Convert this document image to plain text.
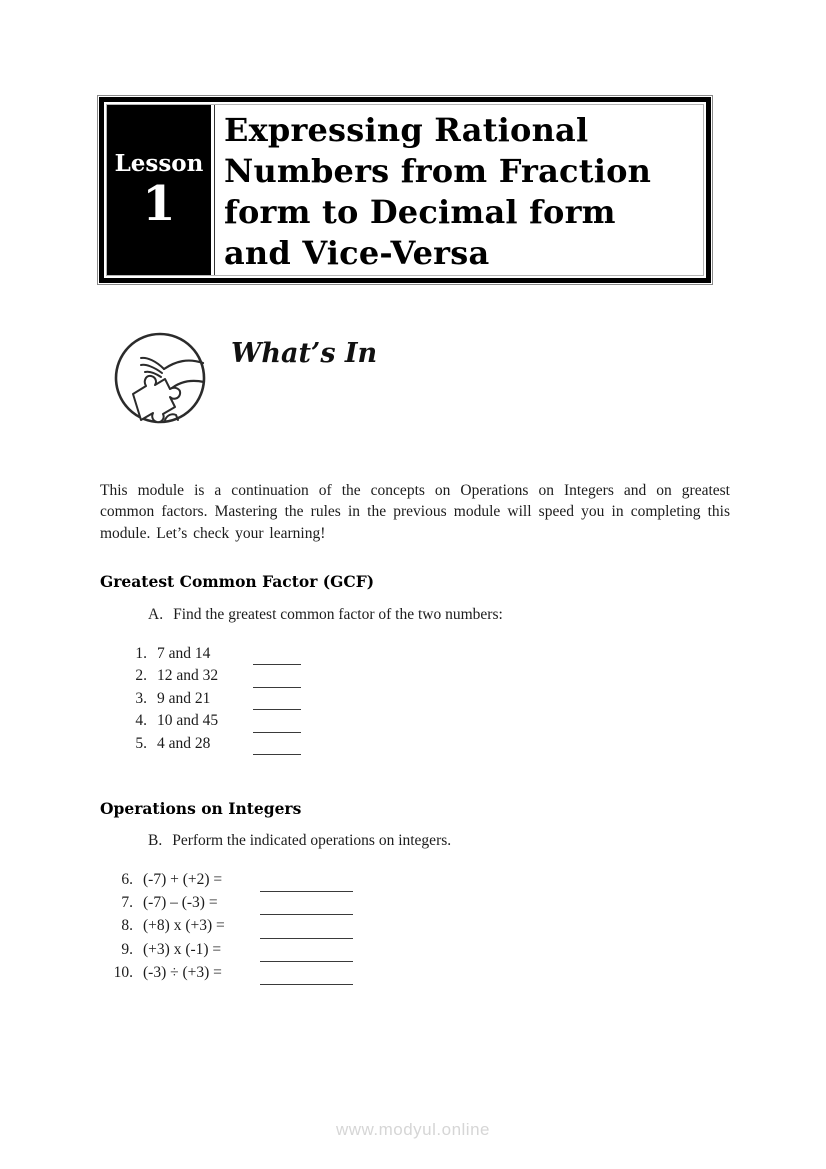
Lesson
1
Expressing Rational
Numbers from Fraction
form to Decimal form
and Vice-Versa
What’s In

This module is a continuation of the concepts on Operations on Integers and on greatest common factors. Mastering the rules in the previous module will speed you in completing this module. Let’s check your learning!

Greatest Common Factor (GCF)
A. Find the greatest common factor of the two numbers:
1. 7 and 14
2. 12 and 32
3. 9 and 21
4. 10 and 45
5. 4 and 28
Operations on Integers
B. Perform the indicated operations on integers.
6. (-7) + (+2) =
7. (-7) – (-3) =
8. (+8) x (+3) =
9. (+3) x (-1) =
10. (-3) ÷ (+3) =
www.modyul.online
